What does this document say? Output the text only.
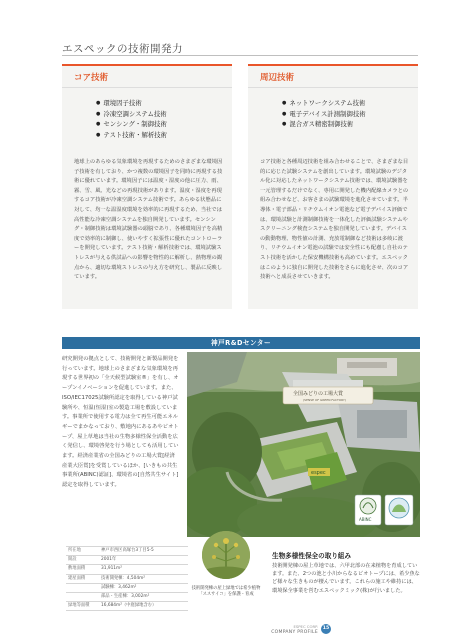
エスペックの技術開発力
コア技術
● 環境因子技術
● 冷凍空調システム技術
● センシング・制御技術
● テスト技術・解析技術
地球上のあらゆる気象環境を再現するためのさまざまな環境因子技術を有しており、かつ複数の環境因子を同時に再現する技術に優れています。環境因子には温度・湿度の他に圧力、雨、霧、雪、風、光などの再現技術があります。温度・湿度を再現するコア技術が冷凍空調システム技術です。あらゆる状態品に対して、均一な温湿度環境を効率的に再現するため、当社では高性能な冷凍空調システムを独自開発しています。センシング・制御技術は環境試験器の頭脳であり、各種環境因子を高精度で効率的に制御し、使いやすく拡張性に優れたコントローラーを開発しています。テスト技術・解析技術では、環境試験ストレスが与える供試品への影響を物性的に解析し、熱物理の観点から、適切な環境ストレスの与え方を研究し、製品に反映しています。
周辺技術
● ネットワークシステム技術
● 電子デバイス計測制御技術
● 混合ガス精密制御技術
コア技術と各種周辺技術を組み合わせることで、さまざまな目的に応じた試験システムを創出しています。環境試験のデジタル化に対応したネットワークシステム技術では、環境試験器を一元管理するだけでなく、専用に開発した機内配線カメラとの組み合わせなど、お客さまの試験環境を進化させています。半導体・電子部品・リチウムイオン電池など電子デバイス評価では、環境試験と計測制御技術を一体化した評価試験システムやスクリーニング検査システムを独自開発しています。デバイスの動動物理、物性値の計測、充放電制御など技術は多岐に渡り、リチウムイオン電池の試験では安全性にも配慮し自社のテスト技術を活かした保安機構技術も高めています。エスペックはこのように独自に開発した技術をさらに進化させ、次のコア技術へと成長させていきます。
神戸R&Dセンター
研究開発の拠点として、技術開発と新製品開発を行っています。地球上のさまざまな気象環境を再現する世界初の「全天候型試験室®」を有し、オープンイノベーションを促進しています。また、ISO/IEC17025試験所認定を取得している神戸試験所や、恒温(恒湿)室の製造工場を敷設しています。事業所で使用する電力は全て再生可能エネルギーでまかなっており、敷地内にあるあやビオトープ、屋上草地は当社の生物多様性保全活動を広く発信し、環境啓発を行う場としても活用しています。経済産業省の全国みどりの工場大賞[経済産業大臣賞]を受賞しているほか、[いきもの共生事業所(ABINC)認証]、環境省の[自然共生サイト]認定を取得しています。
espec
全国みどりの工場大賞
(SENSE OF GREEN FACTORY)
ABINC
所在地	神戸市西区高塚台3丁目5-5
開設	2001年
敷地面積	31,911m²
建屋面積	技術開発棟：4,504m²
	試験棟：3,462m²
	部品・生産棟：3,002m²
緑地等面積	16,684m²（中庭緑地含む）
技術開発棟の屋上緑地では希少植物「ススサイコ」を保護・育成
生物多様性保全の取り組み
技術開発棟の屋上草地では、六甲北部の在来植物を育成しています。また、2つの池と小川からなるビオトープには、希少魚など様々な生きものが棲んでいます。これらの施工や維持には、環境保全事業を営むエスペックミック(株)が行いました。
ESPEC CORP.
COMPANY PROFILE
15
